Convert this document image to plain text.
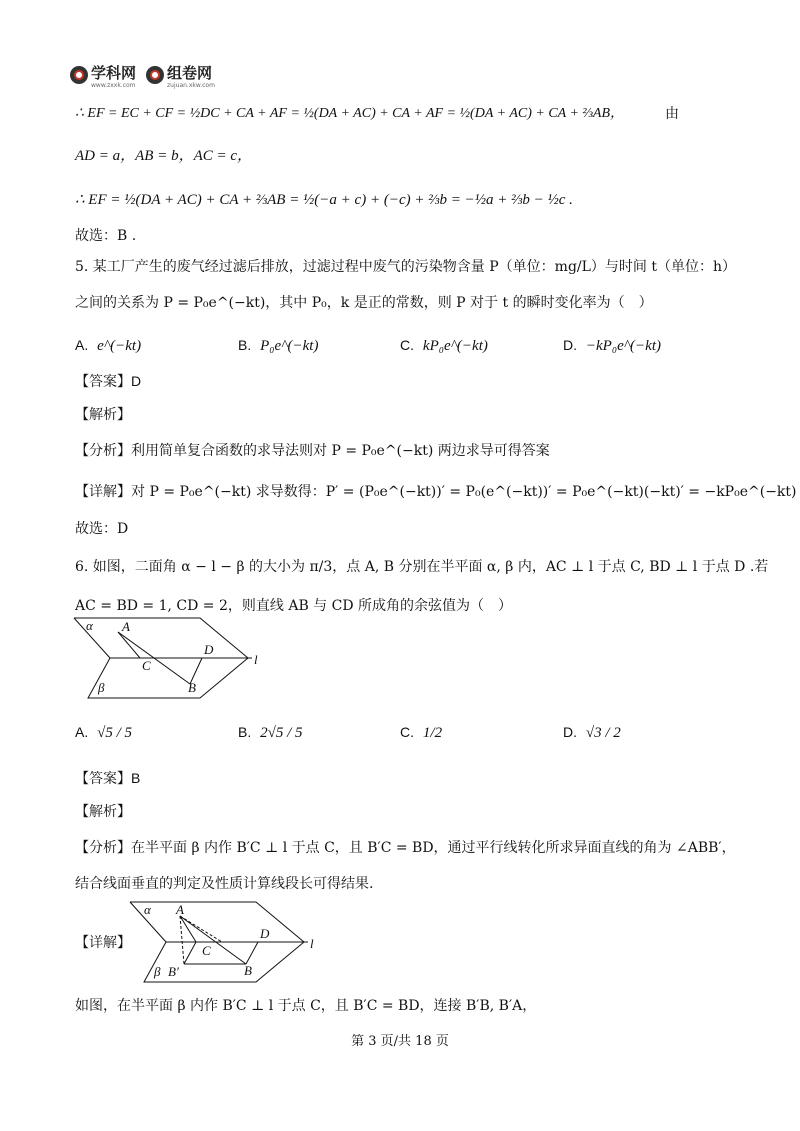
学科网
www.zxxk.com
组卷网
zujuan.xkw.com
∴ EF = EC + CF = ½DC + CA + AF = ½(DA + AC) + CA + AF = ½(DA + AC) + CA + ⅔AB，	由
AD = a，AB = b，AC = c，
∴ EF = ½(DA + AC) + CA + ⅔AB = ½(−a + c) + (−c) + ⅔b = −½a + ⅔b − ½c .
故选：B .
5. 某工厂产生的废气经过滤后排放，过滤过程中废气的污染物含量 P（单位：mg/L）与时间 t（单位：h）
之间的关系为 P = P₀e^(−kt)，其中 P₀，k 是正的常数，则 P 对于 t 的瞬时变化率为（　）
A. e^(−kt)	B. P₀e^(−kt)	C. kP₀e^(−kt)	D. −kP₀e^(−kt)
【答案】D
【解析】
【分析】利用简单复合函数的求导法则对 P = P₀e^(−kt) 两边求导可得答案
【详解】对 P = P₀e^(−kt) 求导数得：P′ = (P₀e^(−kt))′ = P₀(e^(−kt))′ = P₀e^(−kt)(−kt)′ = −kP₀e^(−kt)
故选：D
6. 如图，二面角 α − l − β 的大小为 π/3，点 A, B 分别在半平面 α, β 内，AC ⊥ l 于点 C, BD ⊥ l 于点 D .若
AC = BD = 1, CD = 2，则直线 AB 与 CD 所成角的余弦值为（　）
α A
C
D
B
l
β
A. √5 / 5	B. 2√5 / 5	C. 1/2	D. √3 / 2
【答案】B
【解析】
【分析】在半平面 β 内作 B′C ⊥ l 于点 C，且 B′C = BD，通过平行线转化所求异面直线的角为 ∠ABB′，
结合线面垂直的判定及性质计算线段长可得结果.
【详解】
α A
C
D
B
l
β B′
如图，在半平面 β 内作 B′C ⊥ l 于点 C，且 B′C = BD，连接 B′B, B′A，
第 3 页/共 18 页
